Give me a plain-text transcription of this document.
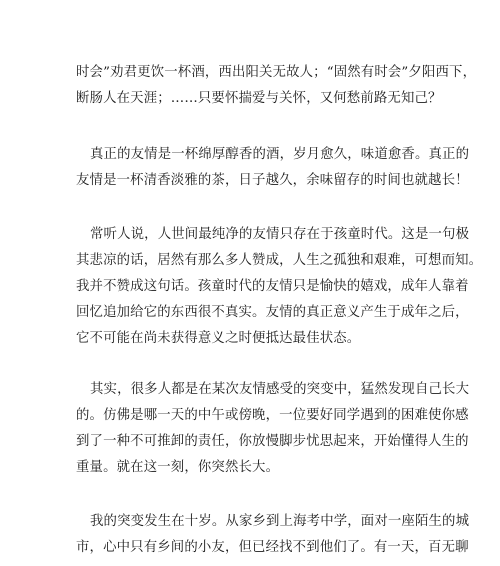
时会”劝君更饮一杯酒，西出阳关无故人；“固然有时会”夕阳西下，
断肠人在天涯；……只要怀揣爱与关怀，又何愁前路无知己？
真正的友情是一杯绵厚醇香的酒，岁月愈久，味道愈香。真正的
友情是一杯清香淡雅的茶，日子越久，余味留存的时间也就越长！
常听人说，人世间最纯净的友情只存在于孩童时代。这是一句极
其悲凉的话，居然有那么多人赞成，人生之孤独和艰难，可想而知。
我并不赞成这句话。孩童时代的友情只是愉快的嬉戏，成年人靠着
回忆追加给它的东西很不真实。友情的真正意义产生于成年之后，
它不可能在尚未获得意义之时便抵达最佳状态。
其实，很多人都是在某次友情感受的突变中，猛然发现自己长大
的。仿佛是哪一天的中午或傍晚，一位要好同学遇到的困难使你感
到了一种不可推卸的责任，你放慢脚步忧思起来，开始懂得人生的
重量。就在这一刻，你突然长大。
我的突变发生在十岁。从家乡到上海考中学，面对一座陌生的城
市，心中只有乡间的小友，但已经找不到他们了。有一天，百无聊
